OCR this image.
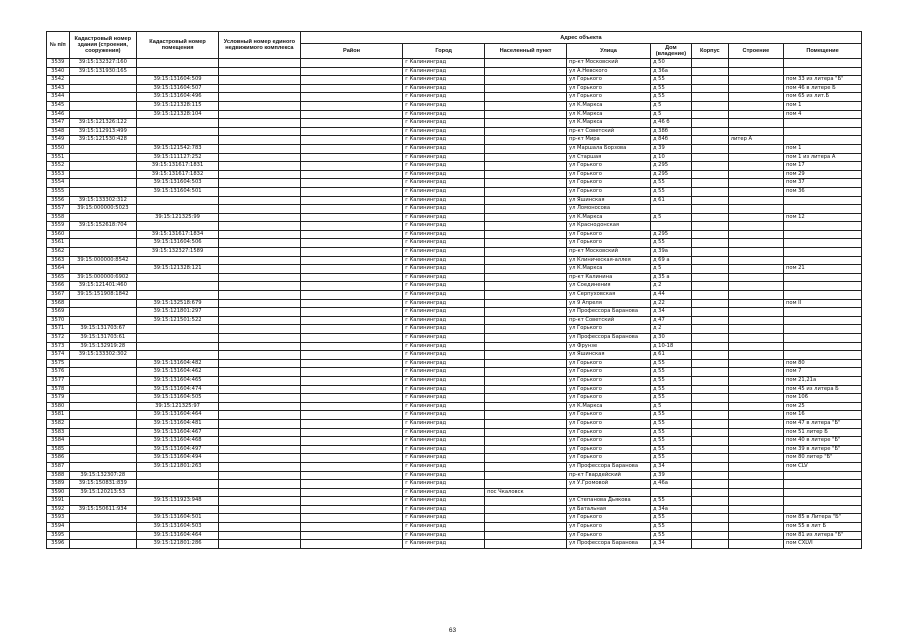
№ п/п	Кадастровый номер здания (строения, сооружения)	Кадастровый номер помещения	Условный номер единого недвижимого комплекса	Адрес объекта							
				Район	Город	Населенный пункт	Улица	Дом (владение)	Корпус	Строение	Помещение
3539	39:15:132327:160				г Калининград		пр-кт Московский	д 50			
3540	39:15:131930:165				г Калининград		ул А.Невского	д 36а			
3542		39:15:131604:509			г Калининград		ул Горького	д 55			пом 33 из литера "Б"
3543		39:15:131604:507			г Калининград		ул Горького	д 55			пом 46 в литере Б
3544		39:15:131604:496			г Калининград		ул Горького	д 55			пом 65 из лит.Б
3545		39:15:121328:115			г Калининград		ул К.Маркса	д 5			пом 1
3546		39:15:121328:104			г Калининград		ул К.Маркса	д 5			пом 4
3547	39:15:121326:122				г Калининград		ул К.Маркса	д 46 б			
3548	39:15:112913:499				г Калининград		пр-кт Советский	д 38б			
3549	39:15:121530:428				г Калининград		пр-кт Мира	д 84б		литер А	
3550		39:15:121542:783			г Калининград		ул Маршала Борзова	д 39			пом 1
3551		39:15:111127:252			г Калининград		ул Старшая	д 10			пом 1 из литера А
3552		39:15:131617:1831			г Калининград		ул Горького	д 295			пом 17
3553		39:15:131617:1832			г Калининград		ул Горького	д 295			пом 29
3554		39:15:131604:503			г Калининград		ул Горького	д 55			пом 37
3555		39:15:131604:501			г Калининград		ул Горького	д 55			пом 36
3556	39:15:133302:312				г Калининград		ул Яшинская	д 61			
3557	39:15:000000:5023				г Калининград		ул Ломоносова				
3558		39:15:121325:99			г Калининград		ул К.Маркса	д 5			пом 12
3559	39:15:152618:704				г Калининград		ул Краснодонская				
3560		39:15:131617:1834			г Калининград		ул Горького	д 295			
3561		39:15:131604:506			г Калининград		ул Горького	д 55			
3562		39:15:132327:1589			г Калининград		пр-кт Московский	д 39а			
3563	39:15:000000:8542				г Калининград		ул Клиническая-аллея	д 69 а			
3564		39:15:121328:121			г Калининград		ул К.Маркса	д 5			пом 21
3565	39:15:000000:6902				г Калининград		пр-кт Калинина	д 35 а			
3566	39:15:121401:460				г Калининград		ул Соединения	д 2			
3567	39:15:151908:1842				г Калининград		ул Серпуховская	д 44			
3568		39:15:132518:679			г Калининград		ул 9 Апреля	д 22			пом II
3569		39:15:121801:297			г Калининград		ул Профессора Баранова	д 34			
3570		39:15:121501:522			г Калининград		пр-кт Советский	д 47			
3571	39:15:131703:67				г Калининград		ул Горького	д 2			
3572	39:15:131703:61				г Калининград		ул Профессора Баранова	д 30			
3573	39:15:132919:28				г Калининград		ул Фрунзе	д 10-18			
3574	39:15:133302:302				г Калининград		ул Яшинская	д 61			
3575		39:15:131604:482			г Калининград		ул Горького	д 55			пом 80
3576		39:15:131604:462			г Калининград		ул Горького	д 55			пом 7
3577		39:15:131604:465			г Калининград		ул Горького	д 55			пом 21,21а
3578		39:15:131604:474			г Калининград		ул Горького	д 55			пом 45 из литера Б
3579		39:15:131604:505			г Калининград		ул Горького	д 55			пом 106
3580		39:15:121325:97			г Калининград		ул К.Маркса	д 5			пом 25
3581		39:15:131604:464			г Калининград		ул Горького	д 55			пом 16
3582		39:15:131604:481			г Калининград		ул Горького	д 55			пом 47 в литера "Б"
3583		39:15:131604:467			г Калининград		ул Горького	д 55			пом 51 литер Б
3584		39:15:131604:468			г Калининград		ул Горького	д 55			пом 40 в литере "Б"
3585		39:15:131604:497			г Калининград		ул Горького	д 55			пом 39 в литере "Б"
3586		39:15:131604:494			г Калининград		ул Горького	д 55			пом 80 литер "Б"
3587		39:15:121801:263			г Калининград		ул Профессора Баранова	д 34			пом CLV
3588	39:15:132307:28				г Калининград		пр-кт Гвардейский	д 39			
3589	39:15:150831:839				г Калининград		ул У.Громовой	д 46а			
3590	39:15:120213:53				г Калининград	пос Чкаловск					
3591		39:15:131923:948			г Калининград		ул Степанова Дьякова	д 55			
3592	39:15:150611:934				г Калининград		ул Батальная	д 34а			
3593		39:15:131604:501			г Калининград		ул Горького	д 55			пом 85 в Литера "Б"
3594		39:15:131604:503			г Калининград		ул Горького	д 55			пом 55 в лит Б
3595		39:15:131604:464			г Калининград		ул Горького	д 55			пом 81 из литера "Б"
3596		39:15:121801:286			г Калининград		ул Профессора Баранова	д 34			пом CXLVI
63
